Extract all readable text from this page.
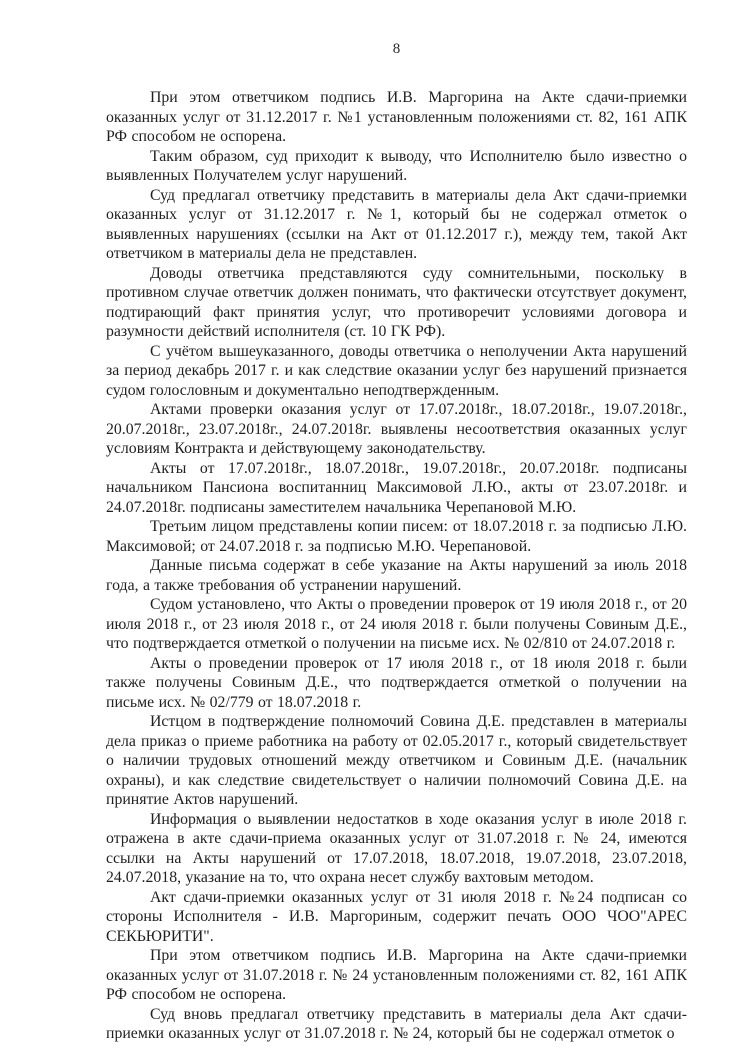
8

При этом ответчиком подпись И.В. Маргорина на Акте сдачи-приемки оказанных услуг от 31.12.2017 г. №1 установленным положениями ст. 82, 161 АПК РФ способом не оспорена.

Таким образом, суд приходит к выводу, что Исполнителю было известно о выявленных Получателем услуг нарушений.

Суд предлагал ответчику представить в материалы дела Акт сдачи-приемки оказанных услуг от 31.12.2017 г. №1, который бы не содержал отметок о выявленных нарушениях (ссылки на Акт от 01.12.2017 г.), между тем, такой Акт ответчиком в материалы дела не представлен.

Доводы ответчика представляются суду сомнительными, поскольку в противном случае ответчик должен понимать, что фактически отсутствует документ, подтирающий факт принятия услуг, что противоречит условиями договора и разумности действий исполнителя (ст. 10 ГК РФ).

С учётом вышеуказанного, доводы ответчика о неполучении Акта нарушений за период декабрь 2017 г. и как следствие оказании услуг без нарушений признается судом голословным и документально неподтвержденным.

Актами проверки оказания услуг от 17.07.2018г., 18.07.2018г., 19.07.2018г., 20.07.2018г., 23.07.2018г., 24.07.2018г. выявлены несоответствия оказанных услуг условиям Контракта и действующему законодательству.

Акты от 17.07.2018г., 18.07.2018г., 19.07.2018г., 20.07.2018г. подписаны начальником Пансиона воспитанниц Максимовой Л.Ю., акты от 23.07.2018г. и 24.07.2018г. подписаны заместителем начальника Черепановой М.Ю.

Третьим лицом представлены копии писем: от 18.07.2018 г. за подписью Л.Ю. Максимовой; от 24.07.2018 г. за подписью М.Ю. Черепановой.

Данные письма содержат в себе указание на Акты нарушений за июль 2018 года, а также требования об устранении нарушений.

Судом установлено, что Акты о проведении проверок от 19 июля 2018 г., от 20 июля 2018 г., от 23 июля 2018 г., от 24 июля 2018 г. были получены Совиным Д.Е., что подтверждается отметкой о получении на письме исх. № 02/810 от 24.07.2018 г.

Акты о проведении проверок от 17 июля 2018 г., от 18 июля 2018 г. были также получены Совиным Д.Е., что подтверждается отметкой о получении на письме исх. № 02/779 от 18.07.2018 г.

Истцом в подтверждение полномочий Совина Д.Е. представлен в материалы дела приказ о приеме работника на работу от 02.05.2017 г., который свидетельствует о наличии трудовых отношений между ответчиком и Совиным Д.Е. (начальник охраны), и как следствие свидетельствует о наличии полномочий Совина Д.Е. на принятие Актов нарушений.

Информация о выявлении недостатков в ходе оказания услуг в июле 2018 г. отражена в акте сдачи-приема оказанных услуг от 31.07.2018 г. № 24, имеются ссылки на Акты нарушений от 17.07.2018, 18.07.2018, 19.07.2018, 23.07.2018, 24.07.2018, указание на то, что охрана несет службу вахтовым методом.

Акт сдачи-приемки оказанных услуг от 31 июля 2018 г. №24 подписан со стороны Исполнителя - И.В. Маргориным, содержит печать ООО ЧОО"АРЕС СЕКЬЮРИТИ".

При этом ответчиком подпись И.В. Маргорина на Акте сдачи-приемки оказанных услуг от 31.07.2018 г. № 24 установленным положениями ст. 82, 161 АПК РФ способом не оспорена.

Суд вновь предлагал ответчику представить в материалы дела Акт сдачи-приемки оказанных услуг от 31.07.2018 г. № 24, который бы не содержал отметок о
